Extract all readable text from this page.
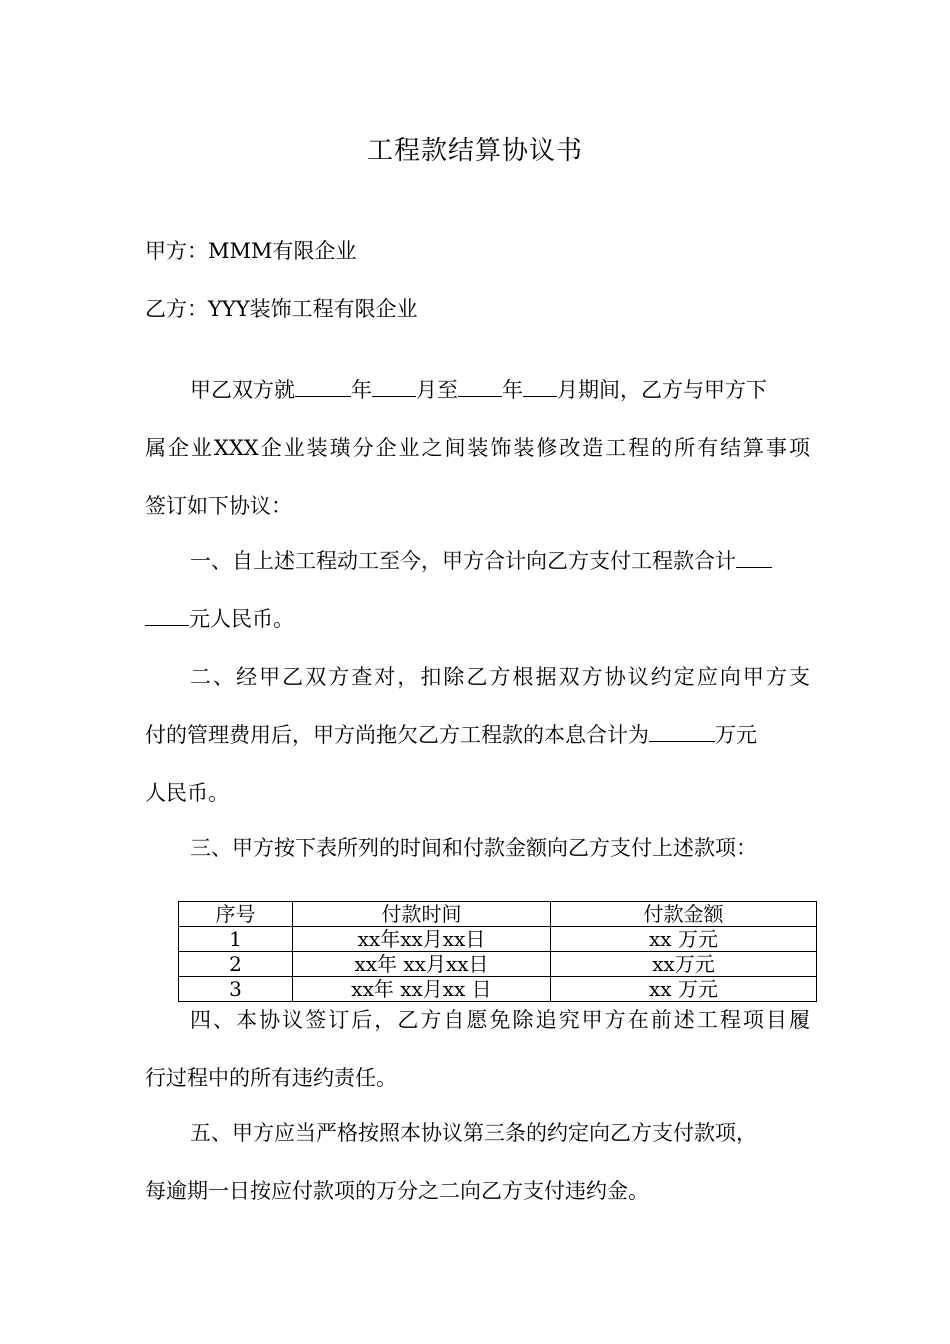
工程款结算协议书
甲方：MMM有限企业
乙方：YYY装饰工程有限企业
甲乙双方就	年 月至 年 月期间，乙方与甲方下
属企业XXX企业装璜分企业之间装饰装修改造工程的所有结算事项
签订如下协议：
一、自上述工程动工至今，甲方合计向乙方支付工程款合计
元人民币。
二、经甲乙双方查对，扣除乙方根据双方协议约定应向甲方支
付的管理费用后，甲方尚拖欠乙方工程款的本息合计为	万元
人民币。
三、甲方按下表所列的时间和付款金额向乙方支付上述款项：
序号	付款时间	付款金额
1	xx年xx月xx日	xx 万元
2	xx年 xx月xx日	xx万元
3	xx年 xx月xx 日	xx 万元
四、本协议签订后，乙方自愿免除追究甲方在前述工程项目履
行过程中的所有违约责任。
五、甲方应当严格按照本协议第三条的约定向乙方支付款项，
每逾期一日按应付款项的万分之二向乙方支付违约金。
